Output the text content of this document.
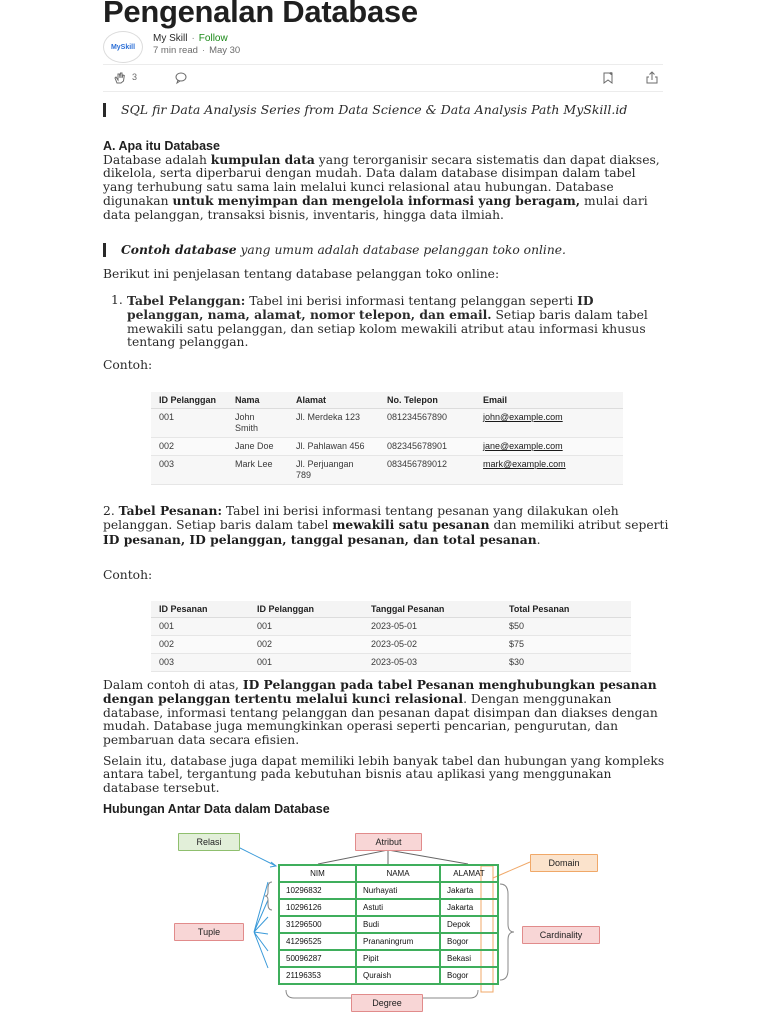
Pengenalan Database
MySkill
My Skill · Follow
7 min read · May 30
3
SQL fir Data Analysis Series from Data Science & Data Analysis Path MySkill.id
A. Apa itu Database
Database adalah kumpulan data yang terorganisir secara sistematis dan dapat diakses, dikelola, serta diperbarui dengan mudah. Data dalam database disimpan dalam tabel yang terhubung satu sama lain melalui kunci relasional atau hubungan. Database digunakan untuk menyimpan dan mengelola informasi yang beragam, mulai dari data pelanggan, transaksi bisnis, inventaris, hingga data ilmiah.
Contoh database yang umum adalah database pelanggan toko online.
Berikut ini penjelasan tentang database pelanggan toko online:
1. Tabel Pelanggan: Tabel ini berisi informasi tentang pelanggan seperti ID pelanggan, nama, alamat, nomor telepon, dan email. Setiap baris dalam tabel mewakili satu pelanggan, dan setiap kolom mewakili atribut atau informasi khusus tentang pelanggan.
Contoh:
ID Pelanggan	Nama	Alamat	No. Telepon	Email
001	John Smith	Jl. Merdeka 123	081234567890	john@example.com
002	Jane Doe	Jl. Pahlawan 456	082345678901	jane@example.com
003	Mark Lee	Jl. Perjuangan 789	083456789012	mark@example.com
2. Tabel Pesanan: Tabel ini berisi informasi tentang pesanan yang dilakukan oleh pelanggan. Setiap baris dalam tabel mewakili satu pesanan dan memiliki atribut seperti ID pesanan, ID pelanggan, tanggal pesanan, dan total pesanan.
Contoh:
ID Pesanan	ID Pelanggan	Tanggal Pesanan	Total Pesanan
001	001	2023-05-01	$50
002	002	2023-05-02	$75
003	001	2023-05-03	$30
Dalam contoh di atas, ID Pelanggan pada tabel Pesanan menghubungkan pesanan dengan pelanggan tertentu melalui kunci relasional. Dengan menggunakan database, informasi tentang pelanggan dan pesanan dapat disimpan dan diakses dengan mudah. Database juga memungkinkan operasi seperti pencarian, pengurutan, dan pembaruan data secara efisien.
Selain itu, database juga dapat memiliki lebih banyak tabel dan hubungan yang kompleks antara tabel, tergantung pada kebutuhan bisnis atau aplikasi yang menggunakan database tersebut.
Hubungan Antar Data dalam Database
Relasi	Atribut
Domain
Tuple	Cardinality
Degree
NIM	NAMA	ALAMAT
10296832	Nurhayati	Jakarta
10296126	Astuti	Jakarta
31296500	Budi	Depok
41296525	Prananingrum	Bogor
50096287	Pipit	Bekasi
21196353	Quraish	Bogor
